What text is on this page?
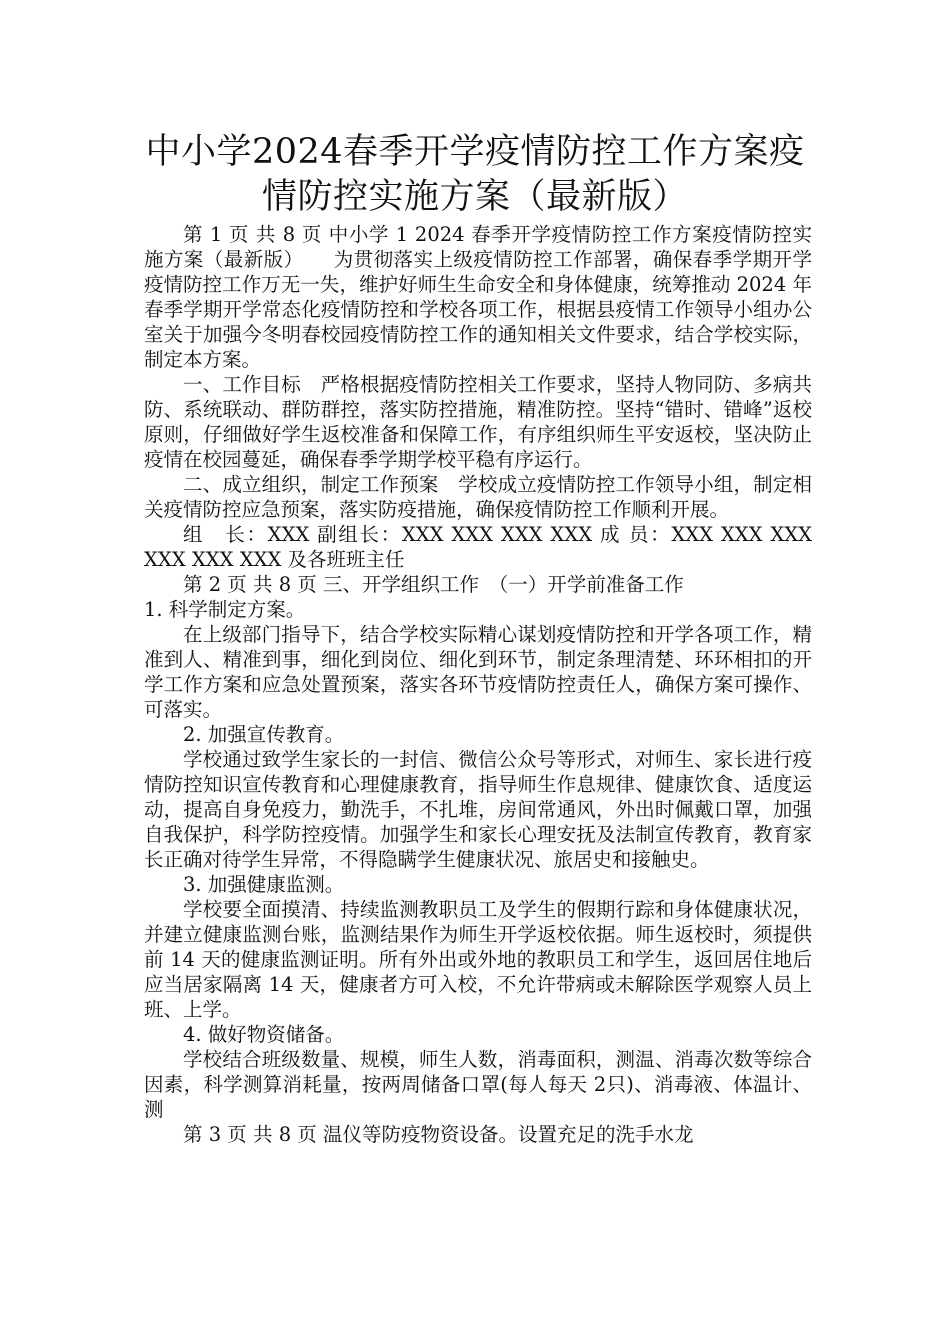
中小学2024春季开学疫情防控工作方案疫
情防控实施方案（最新版）

第 1 页 共 8 页 中小学 1 2024 春季开学疫情防控工作方案疫情防控实施方案（最新版）　　为贯彻落实上级疫情防控工作部署，确保春季学期开学疫情防控工作万无一失，维护好师生生命安全和身体健康，统筹推动 2024 年春季学期开学常态化疫情防控和学校各项工作，根据县疫情工作领导小组办公室关于加强今冬明春校园疫情防控工作的通知相关文件要求，结合学校实际，制定本方案。

一、工作目标　严格根据疫情防控相关工作要求，坚持人物同防、多病共防、系统联动、群防群控，落实防控措施，精准防控。坚持“错时、错峰”返校原则，仔细做好学生返校准备和保障工作，有序组织师生平安返校，坚决防止疫情在校园蔓延，确保春季学期学校平稳有序运行。

二、成立组织，制定工作预案　学校成立疫情防控工作领导小组，制定相关疫情防控应急预案，落实防疫措施，确保疫情防控工作顺利开展。

组　长：XXX 副组长：XXX XXX XXX XXX 成 员：XXX XXX XXX XXX XXX XXX 及各班班主任

第 2 页 共 8 页 三、开学组织工作　（一）开学前准备工作

1. 科学制定方案。

在上级部门指导下，结合学校实际精心谋划疫情防控和开学各项工作，精准到人、精准到事，细化到岗位、细化到环节，制定条理清楚、环环相扣的开学工作方案和应急处置预案，落实各环节疫情防控责任人，确保方案可操作、可落实。

2. 加强宣传教育。

学校通过致学生家长的一封信、微信公众号等形式，对师生、家长进行疫情防控知识宣传教育和心理健康教育，指导师生作息规律、健康饮食、适度运动，提高自身免疫力，勤洗手，不扎堆，房间常通风，外出时佩戴口罩，加强自我保护，科学防控疫情。加强学生和家长心理安抚及法制宣传教育，教育家长正确对待学生异常，不得隐瞒学生健康状况、旅居史和接触史。

3. 加强健康监测。

学校要全面摸清、持续监测教职员工及学生的假期行踪和身体健康状况，并建立健康监测台账，监测结果作为师生开学返校依据。师生返校时，须提供前 14 天的健康监测证明。所有外出或外地的教职员工和学生，返回居住地后应当居家隔离 14 天，健康者方可入校，不允许带病或未解除医学观察人员上班、上学。

4. 做好物资储备。

学校结合班级数量、规模，师生人数，消毒面积，测温、消毒次数等综合因素，科学测算消耗量，按两周储备口罩(每人每天 2只)、消毒液、体温计、测

第 3 页 共 8 页 温仪等防疫物资设备。设置充足的洗手水龙
